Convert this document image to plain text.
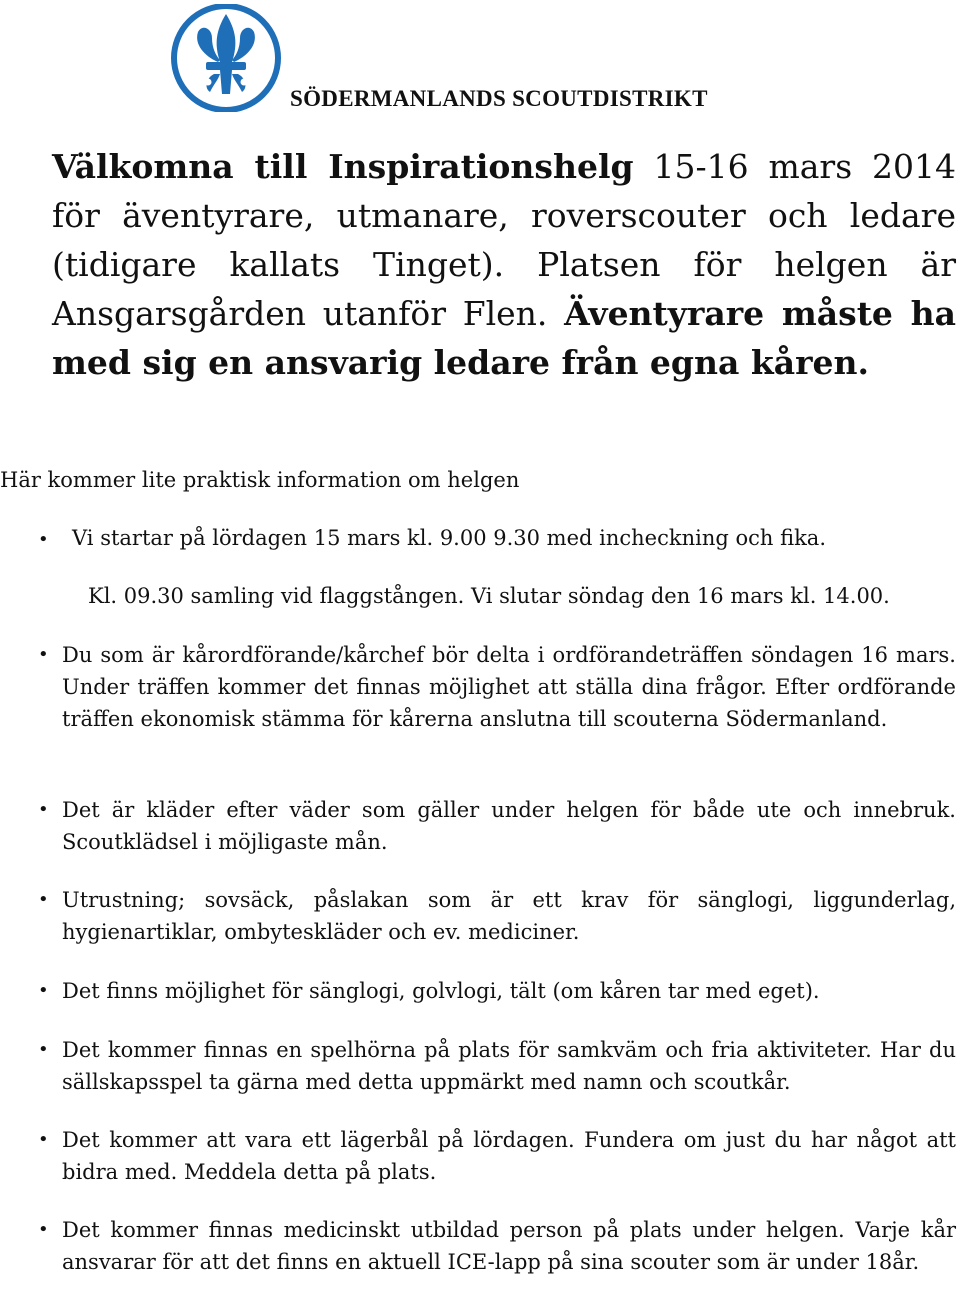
SÖDERMANLANDS SCOUTDISTRIKT

Välkomna till Inspirationshelg 15-16 mars 2014 för äventyrare, utmanare, roverscouter och ledare (tidigare kallats Tinget). Platsen för helgen är Ansgarsgården utanför Flen. Äventyrare måste ha med sig en ansvarig ledare från egna kåren.

Här kommer lite praktisk information om helgen

• Vi startar på lördagen 15 mars kl. 9.00 9.30 med incheckning och fika.

Kl. 09.30 samling vid flaggstången. Vi slutar söndag den 16 mars kl. 14.00.

• Du som är kårordförande/kårchef bör delta i ordförandeträffen söndagen 16 mars. Under träffen kommer det finnas möjlighet att ställa dina frågor. Efter ordförande träffen ekonomisk stämma för kårerna anslutna till scouterna Södermanland.

• Det är kläder efter väder som gäller under helgen för både ute och innebruk. Scoutklädsel i möjligaste mån.

• Utrustning; sovsäck, påslakan som är ett krav för sänglogi, liggunderlag, hygienartiklar, ombyteskläder och ev. mediciner.

• Det finns möjlighet för sänglogi, golvlogi, tält (om kåren tar med eget).

• Det kommer finnas en spelhörna på plats för samkväm och fria aktiviteter. Har du sällskapsspel ta gärna med detta uppmärkt med namn och scoutkår.

• Det kommer att vara ett lägerbål på lördagen. Fundera om just du har något att bidra med. Meddela detta på plats.

• Det kommer finnas medicinskt utbildad person på plats under helgen. Varje kår ansvarar för att det finns en aktuell ICE-lapp på sina scouter som är under 18år.
